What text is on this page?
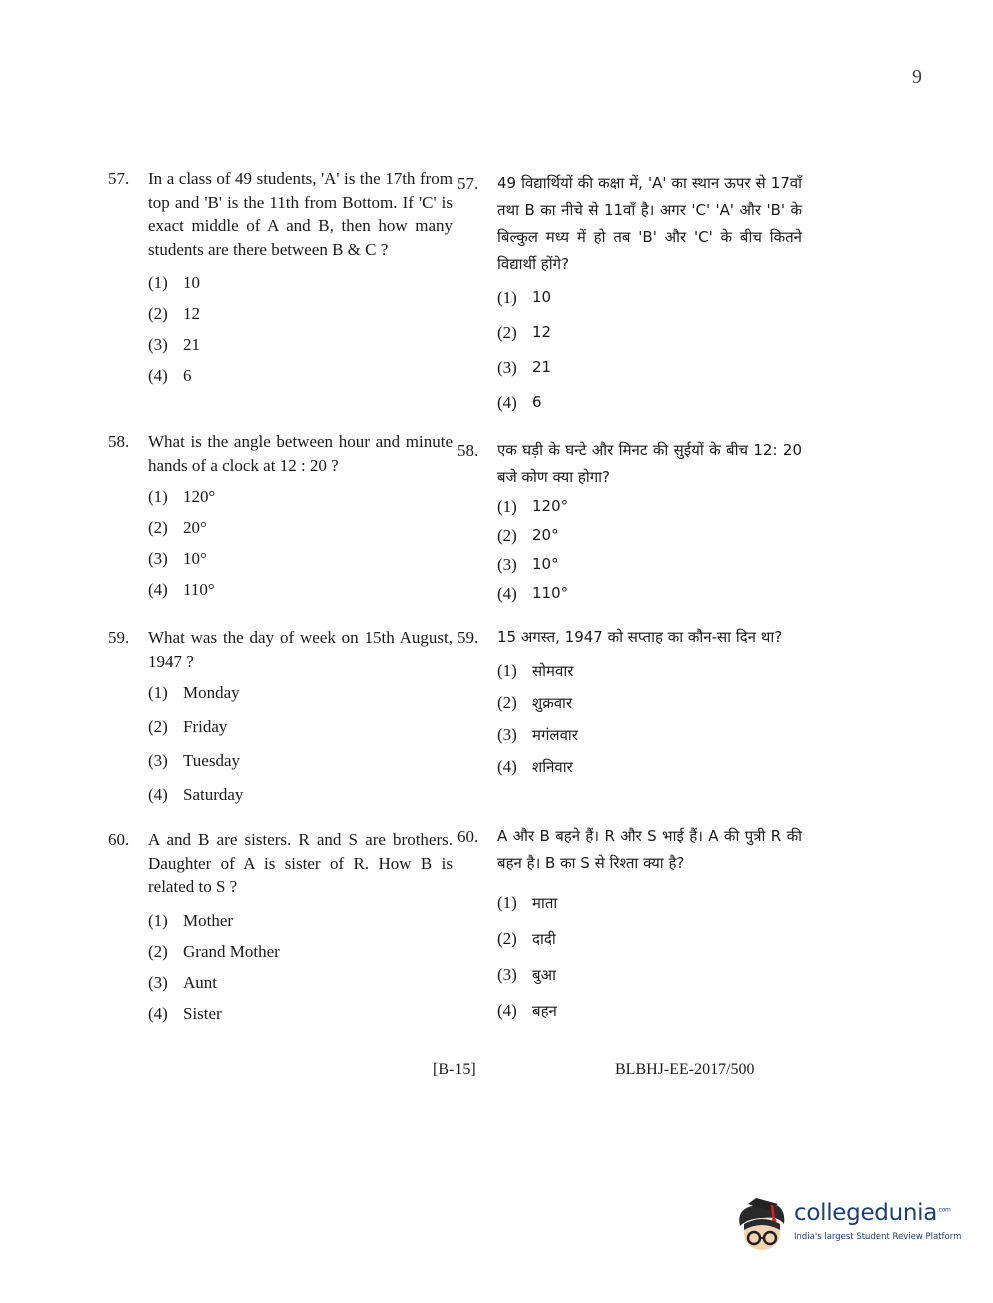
9
57.	In a class of 49 students, 'A' is the 17th from top and 'B' is the 11th from Bottom. If 'C' is exact middle of A and B, then how many students are there between B & C ?
(1) 10
(2) 12
(3) 21
(4) 6
58.	What is the angle between hour and minute hands of a clock at 12 : 20 ?
(1) 120°
(2) 20°
(3) 10°
(4) 110°
59.	What was the day of week on 15th August, 1947 ?
(1) Monday
(2) Friday
(3) Tuesday
(4) Saturday
60.	A and B are sisters. R and S are brothers. Daughter of A is sister of R. How B is related to S ?
(1) Mother
(2) Grand Mother
(3) Aunt
(4) Sister
57.	49 विद्यार्थियों की कक्षा में, 'A' का स्थान ऊपर से 17वाँ तथा B का नीचे से 11वाँ है। अगर 'C' 'A' और 'B' के बिल्कुल मध्य में हो तब 'B' और 'C' के बीच कितने विद्यार्थी होंगे?
(1)	10
(2)	12
(3)	21
(4)	6
58.	एक घड़ी के घन्टे और मिनट की सुईयों के बीच 12: 20 बजे कोण क्या होगा?
(1)	120°
(2)	20°
(3)	10°
(4)	110°
59.	15 अगस्त, 1947 को सप्ताह का कौन-सा दिन था?
(1)	सोमवार
(2)	शुक्रवार
(3)	मगंलवार
(4)	शनिवार
60.	A और B बहने हैं। R और S भाई हैं। A की पुत्री R की बहन है। B का S से रिश्ता क्या है?
(1)	माता
(2)	दादी
(3)	बुआ
(4)	बहन
[B-15]	BLBHJ-EE-2017/500
collegedunia$^{.com}$
India's largest Student Review Platform
